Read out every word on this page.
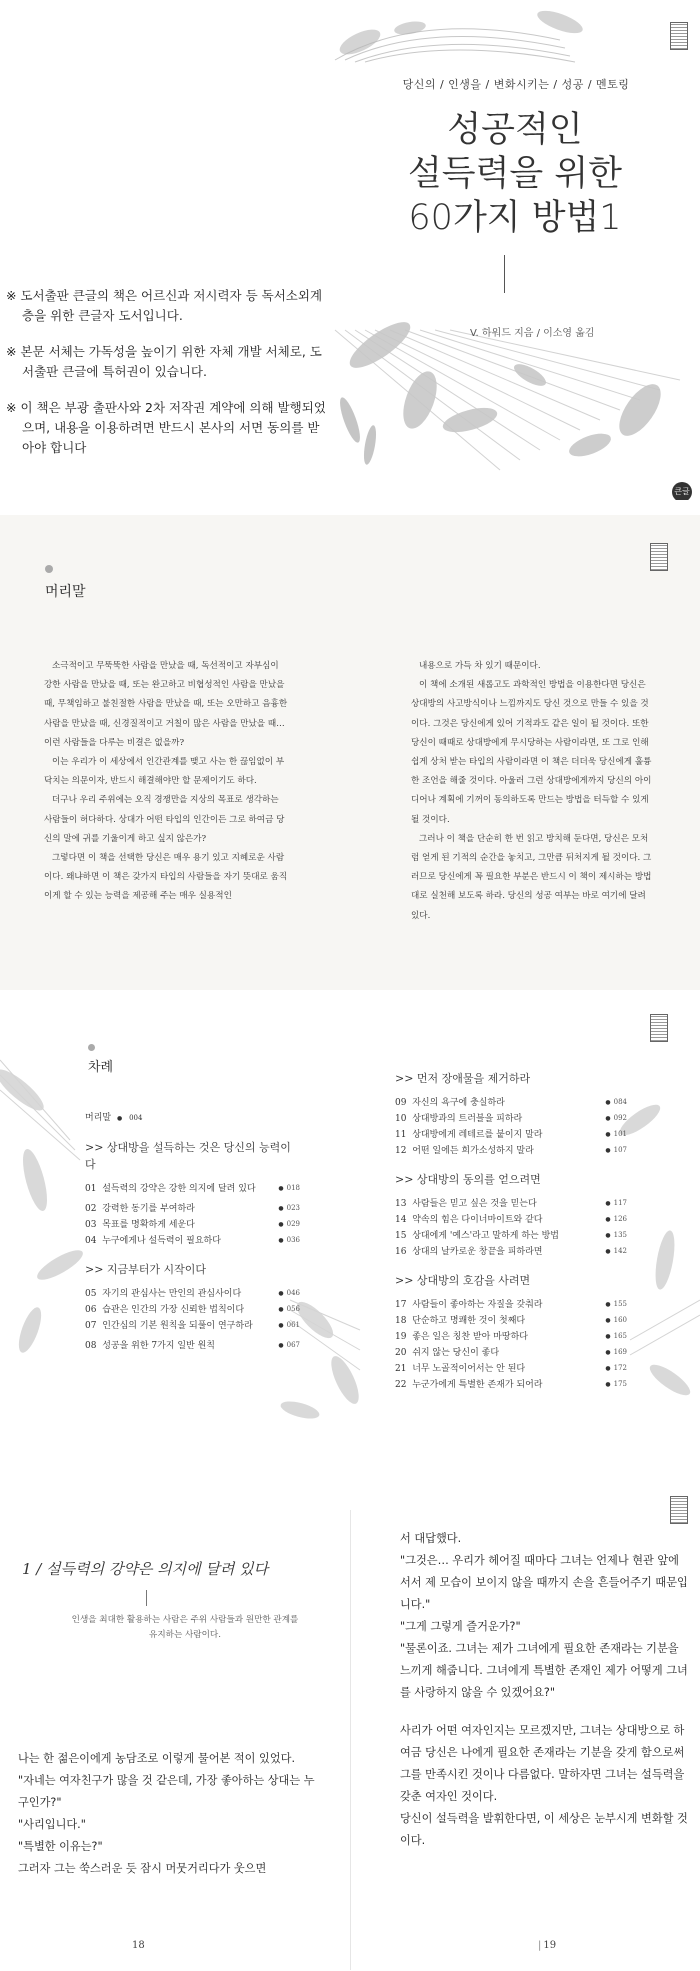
당신의 / 인생을 / 변화시키는 / 성공 / 멘토링
성공적인
설득력을 위한
60가지 방법1
V. 하워드 지음 / 이소영 옮김

※ 도서출판 큰글의 책은 어르신과 저시력자 등 독서소외계층을 위한 큰글자 도서입니다.

※ 본문 서체는 가독성을 높이기 위한 자체 개발 서체로, 도서출판 큰글에 특허권이 있습니다.

※ 이 책은 부광 출판사와 2차 저작권 계약에 의해 발행되었으며, 내용을 이용하려면 반드시 본사의 서면 동의를 받아야 합니다

큰글
머리말

소극적이고 무뚝뚝한 사람을 만났을 때, 독선적이고 자부심이 강한 사람을 만났을 때, 또는 완고하고 비협성적인 사람을 만났을 때, 무책임하고 불친절한 사람을 만났을 때, 또는 오만하고 음흉한 사람을 만났을 때, 신경질적이고 거칠이 많은 사람을 만났을 때… 이런 사람들을 다루는 비결은 없을까?

이는 우리가 이 세상에서 인간관계를 맺고 사는 한 끊임없이 부닥치는 의문이자, 반드시 해결해야만 할 문제이기도 하다.

더구나 우리 주위에는 오직 경쟁만을 지상의 목표로 생각하는 사람들이 허다하다. 상대가 어떤 타입의 인간이든 그로 하여금 당신의 말에 귀를 기울이게 하고 싶지 않은가?

그렇다면 이 책을 선택한 당신은 매우 용기 있고 지혜로운 사람이다. 왜냐하면 이 책은 갖가지 타입의 사람들을 자기 뜻대로 움직이게 할 수 있는 능력을 제공해 주는 매우 실용적인

내용으로 가득 차 있기 때문이다.

이 책에 소개된 새롭고도 과학적인 방법을 이용한다면 당신은 상대방의 사고방식이나 느낌까지도 당신 것으로 만들 수 있을 것이다. 그것은 당신에게 있어 기적과도 같은 일이 될 것이다. 또한 당신이 때때로 상대방에게 무시당하는 사람이라면, 또 그로 인해 쉽게 상처 받는 타입의 사람이라면 이 책은 더더욱 당신에게 훌륭한 조언을 해줄 것이다. 아울러 그런 상대방에게까지 당신의 아이디어나 계획에 기꺼이 동의하도록 만드는 방법을 터득할 수 있게 될 것이다.

그러나 이 책을 단순히 한 번 읽고 방치해 둔다면, 당신은 모처럼 얻게 된 기적의 순간을 놓치고, 그만큼 뒤처지게 될 것이다. 그러므로 당신에게 꼭 필요한 부분은 반드시 이 책이 제시하는 방법대로 실천해 보도록 하라. 당신의 성공 여부는 바로 여기에 달려 있다.

차례
머리말 ● 004
>> 상대방을 설득하는 것은 당신의 능력이다
01 설득력의 강약은 강한 의지에 달려 있다	● 018
02 강력한 동기를 부여하라	● 023
03 목표를 명확하게 세운다	● 029
04 누구에게나 설득력이 필요하다	● 036
>> 지금부터가 시작이다
05 자기의 관심사는 만인의 관심사이다	● 046
06 습관은 인간의 가장 신뢰한 법칙이다	● 056
07 인간심의 기본 원칙을 되풀이 연구하라	● 061
08 성공을 위한 7가지 일반 원칙	● 067
>> 먼저 장애물을 제거하라
09 자신의 욕구에 충실하라	● 084
10 상대방과의 트러블을 피하라	● 092
11 상대방에게 레테르를 붙이지 말라	● 101
12 어떤 일에든 희가소성하지 말라	● 107
>> 상대방의 동의를 얻으려면
13 사람들은 믿고 싶은 것을 믿는다	● 117
14 약속의 힘은 다이너마이트와 같다	● 126
15 상대에게 '예스'라고 말하게 하는 방법	● 135
16 상대의 날카로운 창끝을 피하라면	● 142
>> 상대방의 호감을 사려면
17 사람들이 좋아하는 자질을 갖춰라	● 155
18 단순하고 명쾌한 것이 첫째다	● 160
19 좋은 일은 칭찬 받아 마땅하다	● 165
20 쉬지 않는 당신이 좋다	● 169
21 너무 노골적이어서는 안 된다	● 172
22 누군가에게 특별한 존재가 되어라	● 175
1 / 설득력의 강약은 의지에 달려 있다
인생을 최대한 활용하는 사람은 주위 사람들과 원만한 관계를 유지하는 사람이다.

나는 한 젊은이에게 농담조로 이렇게 물어본 적이 있었다.

"자네는 여자친구가 많을 것 같은데, 가장 좋아하는 상대는 누구인가?"

"사리입니다."

"특별한 이유는?"

그러자 그는 쑥스러운 듯 잠시 머뭇거리다가 웃으면

서 대답했다.

"그것은… 우리가 헤어질 때마다 그녀는 언제나 현관 앞에 서서 제 모습이 보이지 않을 때까지 손을 흔들어주기 때문입니다."

"그게 그렇게 즐거운가?"

"물론이죠. 그녀는 제가 그녀에게 필요한 존재라는 기분을 느끼게 해줍니다. 그녀에게 특별한 존재인 제가 어떻게 그녀를 사랑하지 않을 수 있겠어요?"

사리가 어떤 여자인지는 모르겠지만, 그녀는 상대방으로 하여금 당신은 나에게 필요한 존재라는 기분을 갖게 함으로써 그를 만족시킨 것이나 다름없다. 말하자면 그녀는 설득력을 갖춘 여자인 것이다.

당신이 설득력을 발휘한다면, 이 세상은 눈부시게 변화할 것이다.

18	| 19
